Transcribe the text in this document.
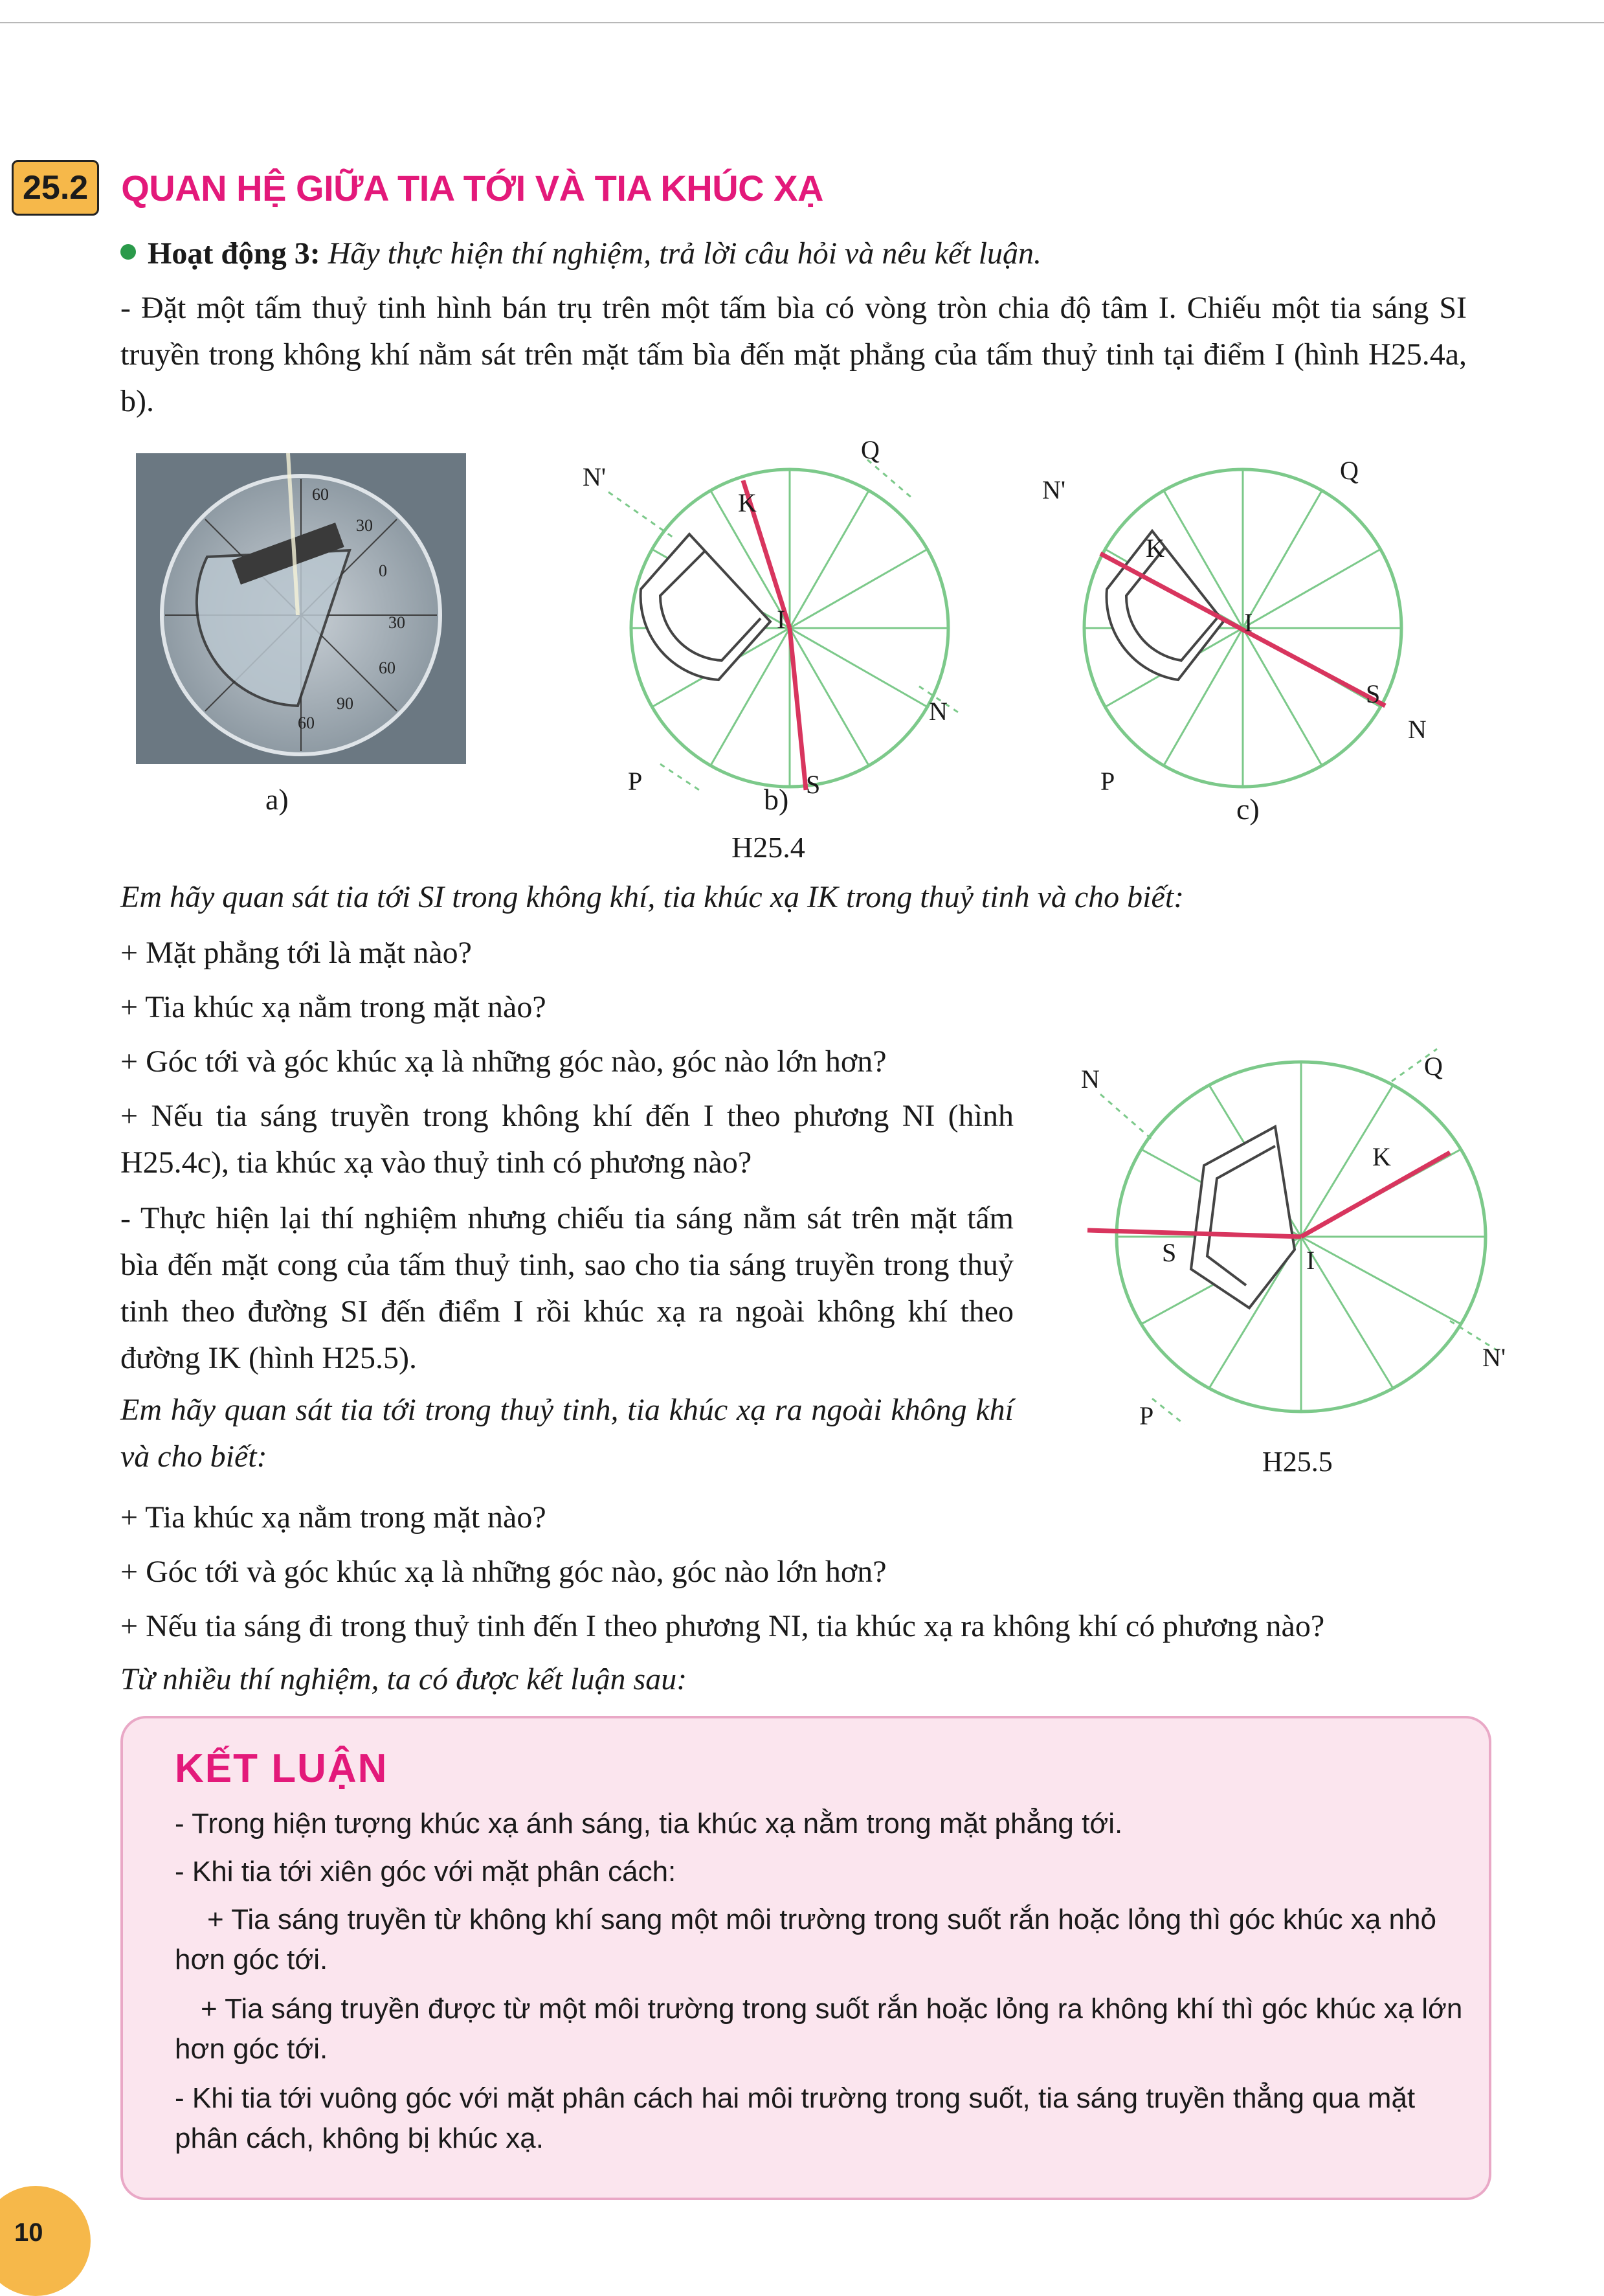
25.2 QUAN HỆ GIỮA TIA TỚI VÀ TIA KHÚC XẠ

Hoạt động 3: Hãy thực hiện thí nghiệm, trả lời câu hỏi và nêu kết luận.

- Đặt một tấm thuỷ tinh hình bán trụ trên một tấm bìa có vòng tròn chia độ tâm I. Chiếu một tia sáng SI truyền trong không khí nằm sát trên mặt tấm bìa đến mặt phẳng của tấm thuỷ tinh tại điểm I (hình H25.4a, b).

60
30
0
30
60
90
60
a)
N'
Q
K
I
N
P	S
b)
N'
Q
K
I
S
N
P
c)
H25.4

Em hãy quan sát tia tới SI trong không khí, tia khúc xạ IK trong thuỷ tinh và cho biết:

+ Mặt phẳng tới là mặt nào?

+ Tia khúc xạ nằm trong mặt nào?

+ Góc tới và góc khúc xạ là những góc nào, góc nào lớn hơn?

+ Nếu tia sáng truyền trong không khí đến I theo phương NI (hình H25.4c), tia khúc xạ vào thuỷ tinh có phương nào?

- Thực hiện lại thí nghiệm nhưng chiếu tia sáng nằm sát trên mặt tấm bìa đến mặt cong của tấm thuỷ tinh, sao cho tia sáng truyền trong thuỷ tinh theo đường SI đến điểm I rồi khúc xạ ra ngoài không khí theo đường IK (hình H25.5).

Em hãy quan sát tia tới trong thuỷ tinh, tia khúc xạ ra ngoài không khí và cho biết:

N	Q
K
S	I
N'
P
H25.5

+ Tia khúc xạ nằm trong mặt nào?

+ Góc tới và góc khúc xạ là những góc nào, góc nào lớn hơn?

+ Nếu tia sáng đi trong thuỷ tinh đến I theo phương NI, tia khúc xạ ra không khí có phương nào?

Từ nhiều thí nghiệm, ta có được kết luận sau:

KẾT LUẬN

- Trong hiện tượng khúc xạ ánh sáng, tia khúc xạ nằm trong mặt phẳng tới.

- Khi tia tới xiên góc với mặt phân cách:

+ Tia sáng truyền từ không khí sang một môi trường trong suốt rắn hoặc lỏng thì góc khúc xạ nhỏ hơn góc tới.

+ Tia sáng truyền được từ một môi trường trong suốt rắn hoặc lỏng ra không khí thì góc khúc xạ lớn hơn góc tới.

- Khi tia tới vuông góc với mặt phân cách hai môi trường trong suốt, tia sáng truyền thẳng qua mặt phân cách, không bị khúc xạ.

10
